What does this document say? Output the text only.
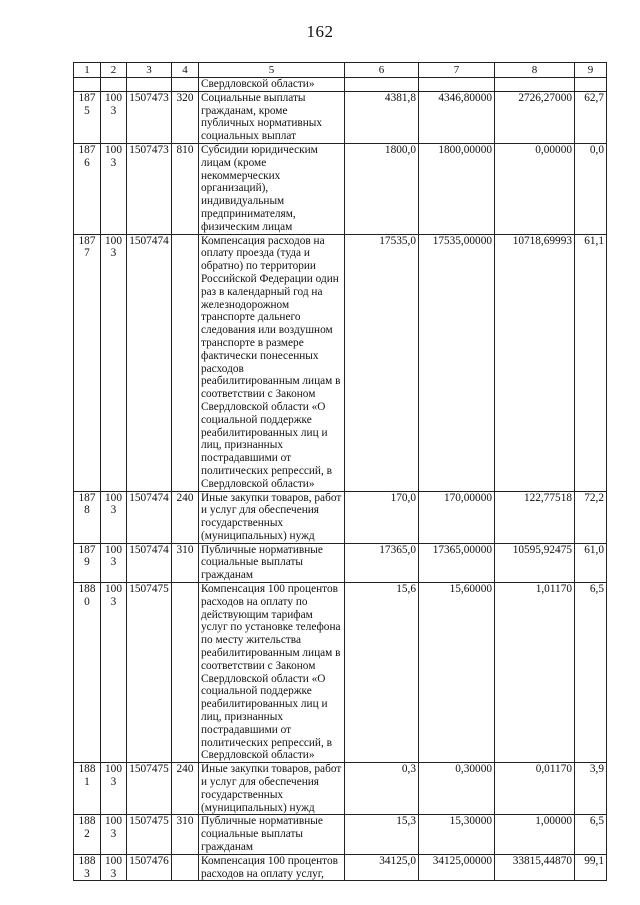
162
1	2	3	4	5	6	7	8	9
				Свердловской области»				
1875	1003	1507473	320	Социальные выплаты гражданам, кроме публичных нормативных социальных выплат	4381,8	4346,80000	2726,27000	62,7
1876	1003	1507473	810	Субсидии юридическим лицам (кроме некоммерческих организаций), индивидуальным предпринимателям, физическим лицам	1800,0	1800,00000	0,00000	0,0
1877	1003	1507474		Компенсация расходов на оплату проезда (туда и обратно) по территории Российской Федерации один раз в календарный год на железнодорожном транспорте дальнего следования или воздушном транспорте в размере фактически понесенных расходов реабилитированным лицам в соответствии с Законом Свердловской области «О социальной поддержке реабилитированных лиц и лиц, признанных пострадавшими от политических репрессий, в Свердловской области»	17535,0	17535,00000	10718,69993	61,1
1878	1003	1507474	240	Иные закупки товаров, работ и услуг для обеспечения государственных (муниципальных) нужд	170,0	170,00000	122,77518	72,2
1879	1003	1507474	310	Публичные нормативные социальные выплаты гражданам	17365,0	17365,00000	10595,92475	61,0
1880	1003	1507475		Компенсация 100 процентов расходов на оплату по действующим тарифам услуг по установке телефона по месту жительства реабилитированным лицам в соответствии с Законом Свердловской области «О социальной поддержке реабилитированных лиц и лиц, признанных пострадавшими от политических репрессий, в Свердловской области»	15,6	15,60000	1,01170	6,5
1881	1003	1507475	240	Иные закупки товаров, работ и услуг для обеспечения государственных (муниципальных) нужд	0,3	0,30000	0,01170	3,9
1882	1003	1507475	310	Публичные нормативные социальные выплаты гражданам	15,3	15,30000	1,00000	6,5
1883	1003	1507476		Компенсация 100 процентов расходов на оплату услуг,	34125,0	34125,00000	33815,44870	99,1
